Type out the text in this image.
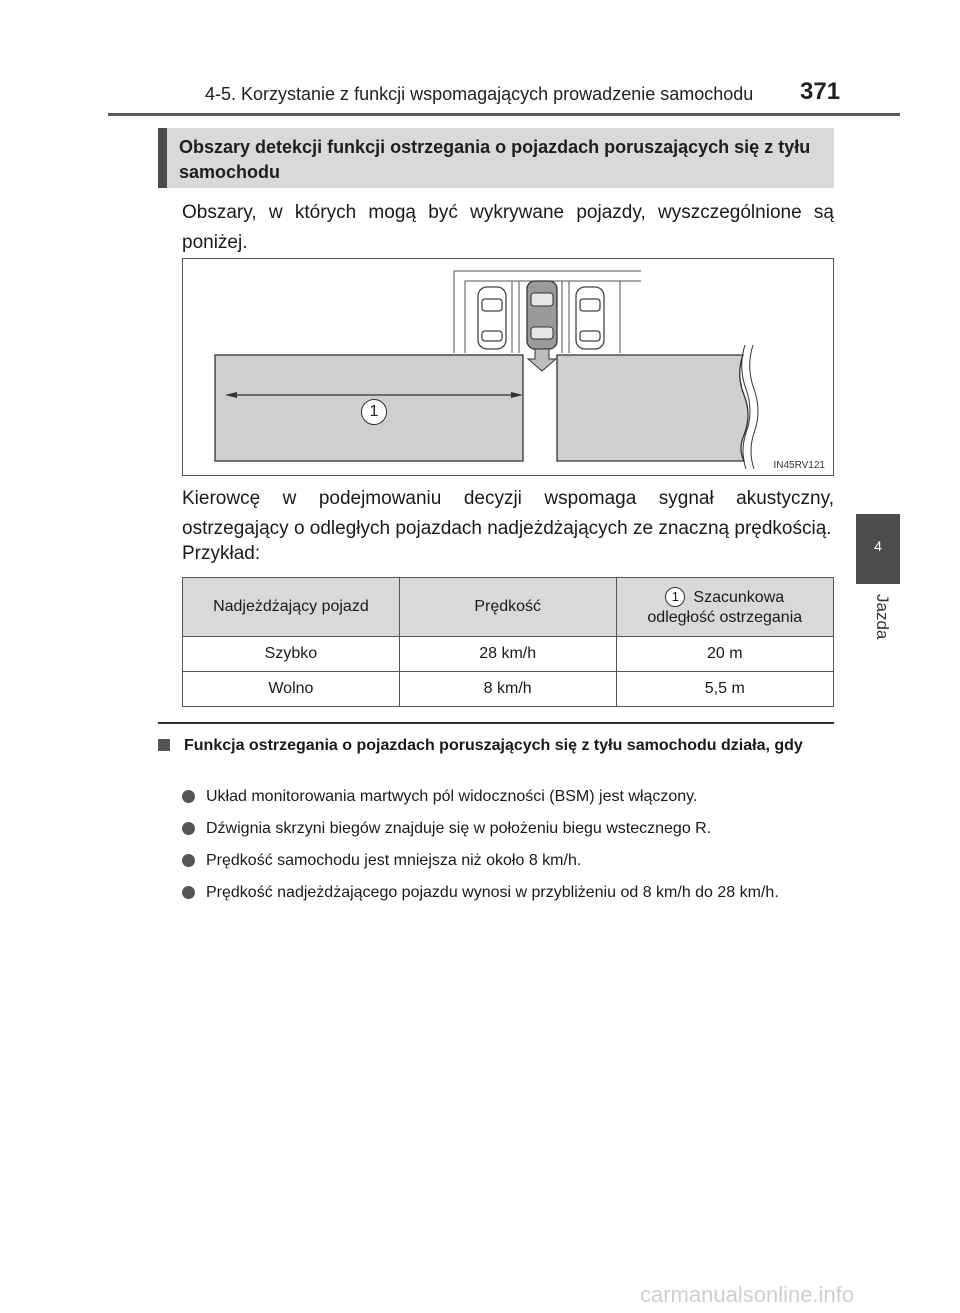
4-5. Korzystanie z funkcji wspomagających prowadzenie samochodu 371
4
Jazda
Obszary detekcji funkcji ostrzegania o pojazdach poruszających się z tyłu samochodu
Obszary, w których mogą być wykrywane pojazdy, wyszczególnione są poniżej.
1
IN45RV121
Kierowcę w podejmowaniu decyzji wspomaga sygnał akustyczny, ostrzegający o odległych pojazdach nadjeżdżających ze znaczną prędkością.
Przykład:
Nadjeżdżający pojazd	Prędkość	1 Szacunkowa
odległość ostrzegania
Szybko	28 km/h	20 m
Wolno	8 km/h	5,5 m
Funkcja ostrzegania o pojazdach poruszających się z tyłu samochodu działa, gdy
Układ monitorowania martwych pól widoczności (BSM) jest włączony.
Dźwignia skrzyni biegów znajduje się w położeniu biegu wstecznego R.
Prędkość samochodu jest mniejsza niż około 8 km/h.
Prędkość nadjeżdżającego pojazdu wynosi w przybliżeniu od 8 km/h do 28 km/h.
carmanualsonline.info
